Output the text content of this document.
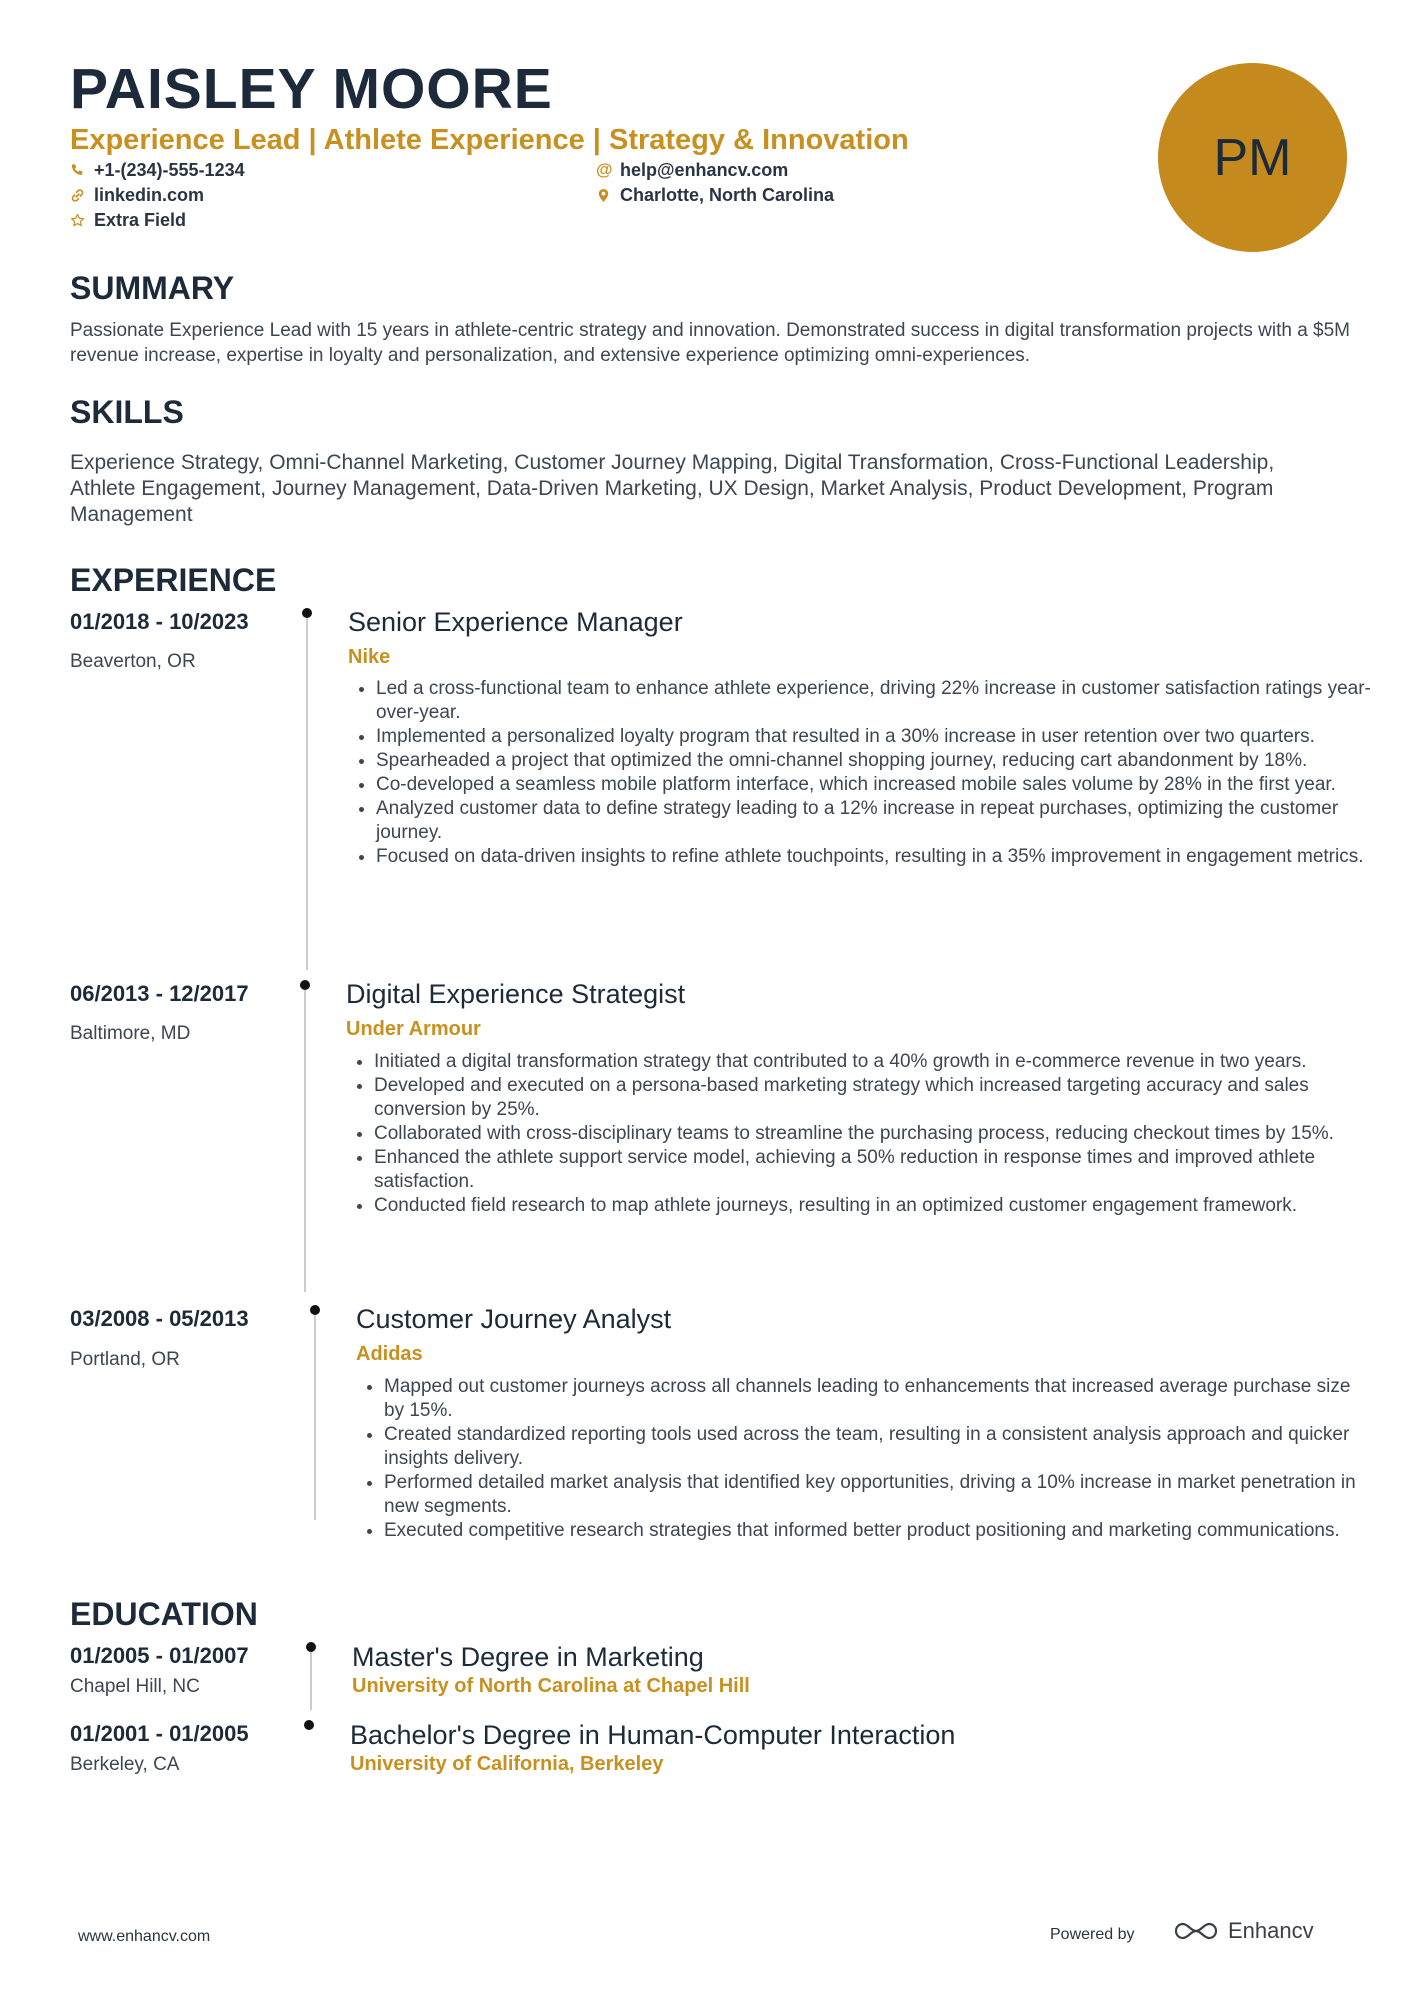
PAISLEY MOORE
Experience Lead | Athlete Experience | Strategy & Innovation
+1-(234)-555-1234	@ help@enhancv.com
linkedin.com	Charlotte, North Carolina
Extra Field
PM
SUMMARY

Passionate Experience Lead with 15 years in athlete-centric strategy and innovation. Demonstrated success in digital transformation projects with a $5M revenue increase, expertise in loyalty and personalization, and extensive experience optimizing omni-experiences.

SKILLS

Experience Strategy, Omni-Channel Marketing, Customer Journey Mapping, Digital Transformation, Cross-Functional Leadership, Athlete Engagement, Journey Management, Data-Driven Marketing, UX Design, Market Analysis, Product Development, Program Management

EXPERIENCE
01/2018 - 10/2023
Beaverton, OR
Senior Experience Manager
Nike
• Led a cross-functional team to enhance athlete experience, driving 22% increase in customer satisfaction ratings year-over-year.
• Implemented a personalized loyalty program that resulted in a 30% increase in user retention over two quarters.
• Spearheaded a project that optimized the omni-channel shopping journey, reducing cart abandonment by 18%.
• Co-developed a seamless mobile platform interface, which increased mobile sales volume by 28% in the first year.
• Analyzed customer data to define strategy leading to a 12% increase in repeat purchases, optimizing the customer journey.
• Focused on data-driven insights to refine athlete touchpoints, resulting in a 35% improvement in engagement metrics.
06/2013 - 12/2017
Baltimore, MD
Digital Experience Strategist
Under Armour
• Initiated a digital transformation strategy that contributed to a 40% growth in e-commerce revenue in two years.
• Developed and executed on a persona-based marketing strategy which increased targeting accuracy and sales conversion by 25%.
• Collaborated with cross-disciplinary teams to streamline the purchasing process, reducing checkout times by 15%.
• Enhanced the athlete support service model, achieving a 50% reduction in response times and improved athlete satisfaction.
• Conducted field research to map athlete journeys, resulting in an optimized customer engagement framework.
03/2008 - 05/2013
Portland, OR
Customer Journey Analyst
Adidas
• Mapped out customer journeys across all channels leading to enhancements that increased average purchase size by 15%.
• Created standardized reporting tools used across the team, resulting in a consistent analysis approach and quicker insights delivery.
• Performed detailed market analysis that identified key opportunities, driving a 10% increase in market penetration in new segments.
• Executed competitive research strategies that informed better product positioning and marketing communications.
EDUCATION
01/2005 - 01/2007
Chapel Hill, NC
Master's Degree in Marketing
University of North Carolina at Chapel Hill
01/2001 - 01/2005
Berkeley, CA
Bachelor's Degree in Human-Computer Interaction
University of California, Berkeley
www.enhancv.com	Powered by	Enhancv
